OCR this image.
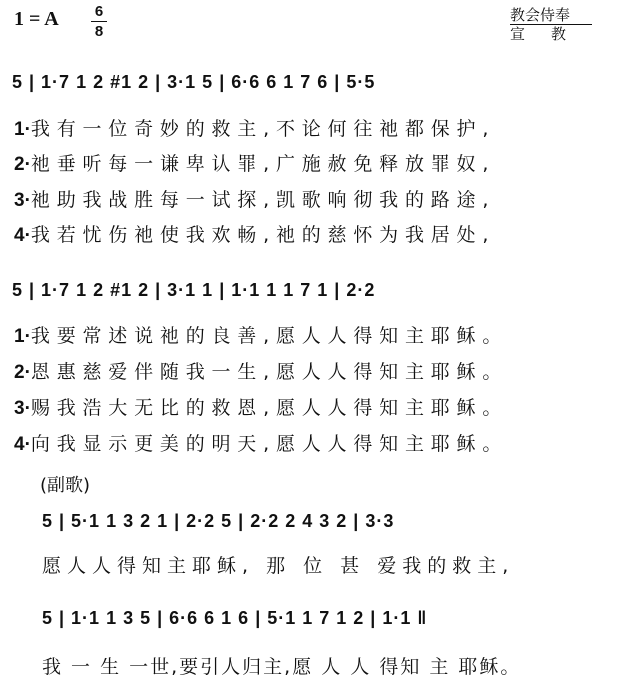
1 = A	6
8
教会侍奉
宣教
5 | 1·7 1 2 #1 2 | 3·1 5 | 6·6 6 1 7 6 | 5·5
1·我有一位奇妙的救主,不论何往祂都保护,
2·祂垂听每一谦卑认罪,广施赦免释放罪奴,
3·祂助我战胜每一试探,凯歌响彻我的路途,
4·我若忧伤祂使我欢畅,祂的慈怀为我居处,
5 | 1·7 1 2 #1 2 | 3·1 1 | 1·1 1 1 7 1 | 2·2
1·我要常述说祂的良善,愿人人得知主耶稣。
2·恩惠慈爱伴随我一生,愿人人得知主耶稣。
3·赐我浩大无比的救恩,愿人人得知主耶稣。
4·向我显示更美的明天,愿人人得知主耶稣。
(副歌)
5 | 5·1 1 3 2 1 | 2·2 5 | 2·2 2 4 3 2 | 3·3
愿人人得知主耶稣, 那 位 甚 爱我的救主,
5 | 1·1 1 3 5 | 6·6 6 1 6 | 5·1 1 7 1 2 | 1·1 ‖
我 一 生 一世,要引人归主,愿 人 人 得知 主 耶稣。
